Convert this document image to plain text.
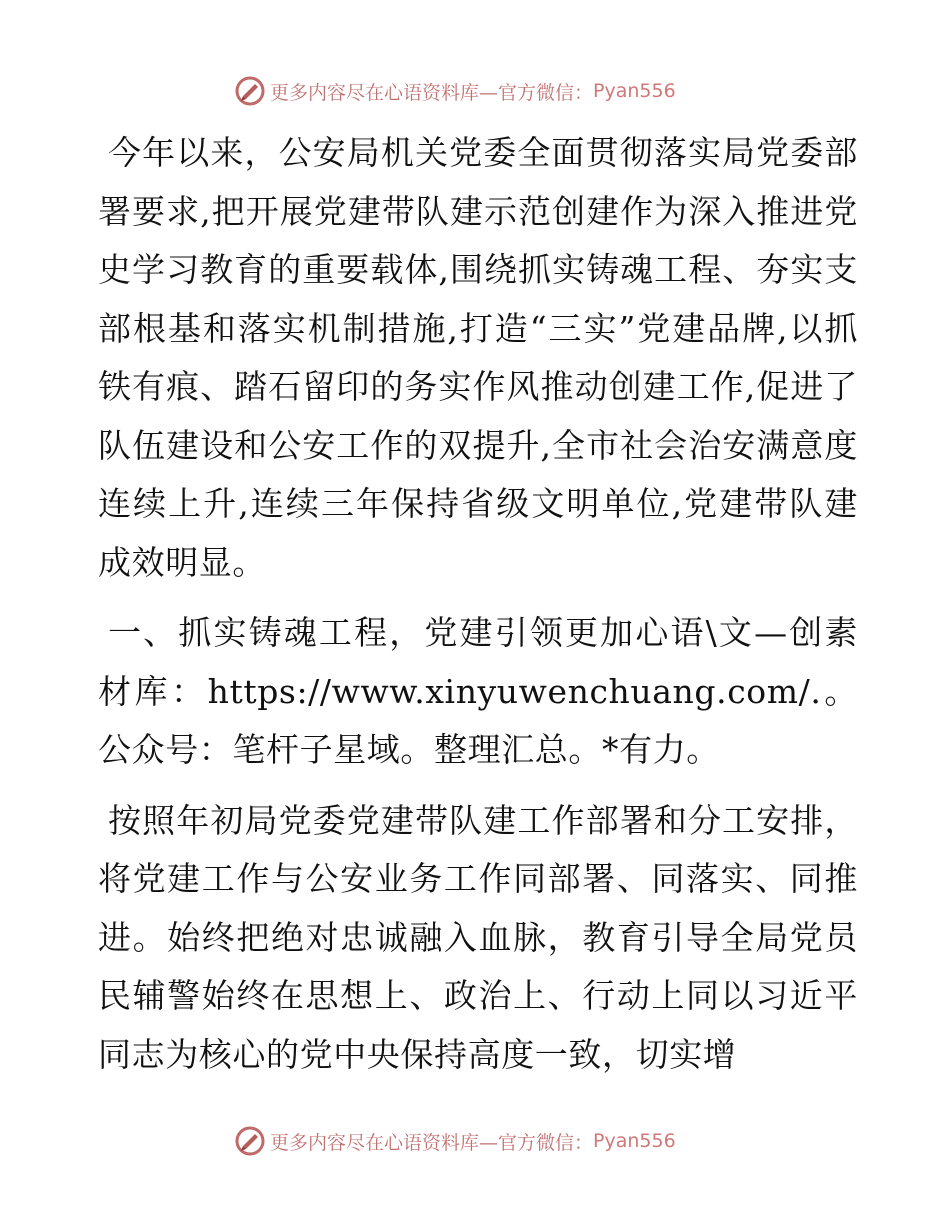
更多内容尽在心语资料库—官方微信： Pyan556

今年以来，公安局机关党委全面贯彻落实局党委部署要求,把开展党建带队建示范创建作为深入推进党史学习教育的重要载体,围绕抓实铸魂工程、夯实支部根基和落实机制措施,打造“三实”党建品牌,以抓铁有痕、踏石留印的务实作风推动创建工作,促进了队伍建设和公安工作的双提升,全市社会治安满意度连续上升,连续三年保持省级文明单位,党建带队建成效明显。

一、抓实铸魂工程，党建引领更加心语\文—创素材库：https://www.xinyuwenchuang.com/.。公众号：笔杆子星域。整理汇总。*有力。

按照年初局党委党建带队建工作部署和分工安排，将党建工作与公安业务工作同部署、同落实、同推进。始终把绝对忠诚融入血脉，教育引导全局党员民辅警始终在思想上、政治上、行动上同以习近平同志为核心的党中央保持高度一致，切实增

更多内容尽在心语资料库—官方微信： Pyan556
